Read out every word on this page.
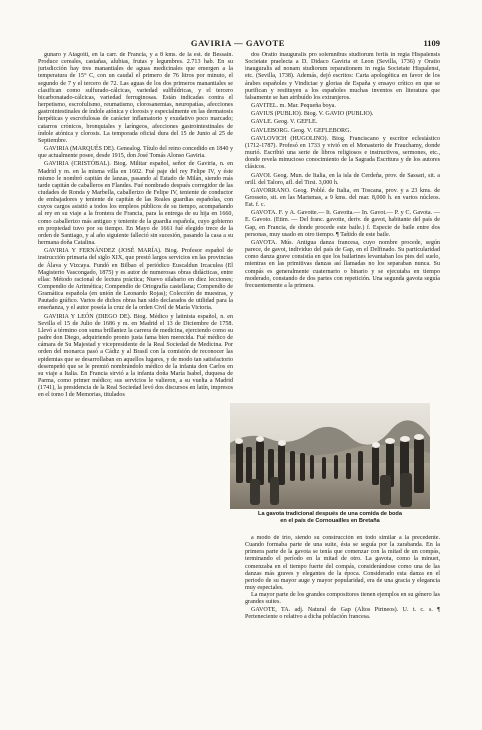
GAVIRIA — GAVOTE	1109

gunaro y Atagoiti, en la carr. de Francia, y a 8 kms. de la est. de Bessain. Produce cereales, castañas, alubias, frutas y legumbres. 2.713 hab. En su jurisdicción hay tres manantiales de aguas medicinales que emergen a la temperatura de 15° C, con un caudal el primero de 76 litros por minuto, el segundo de 7 y el tercero de 72. Las aguas de los dos primeros manantiales se clasifican como sulfurado-cálcicas, variedad sulfhídricas, y el tercero bicarbonatado-cálcicas, variedad ferruginosas. Están indicadas contra el herpetismo, escrofulismo, reumatismo, clorosanemias, neuropatías, afecciones gastrointestinales de índole atónica y clorosis y especialmente en las dermatosis herpéticas y escrofulosas de carácter inflamatorio y exudativo poco marcado; catarros crónicos, bronquiales y laríngeos, afecciones gastrointestinales de índole atónica y clorosis. La temporada oficial dura del 15 de Junio al 25 de Septiembre.

GAVIRIA (MARQUÉS DE). Genealog. Título del reino concedido en 1840 y que actualmente posee, desde 1915, don José Tomás Alonso Gaviria.

GAVIRIA (CRISTÓBAL). Biog. Militar español, señor de Gaviria, n. en Madrid y m. en la misma villa en 1602. Fué paje del rey Felipe IV, y éste mismo le nombró capitán de lanzas, pasando al Estado de Milán, siendo más tarde capitán de caballeros en Flandes. Fué nombrado después corregidor de las ciudades de Ronda y Marbella, caballerizo de Felipe IV, teniente de conductor de embajadores y teniente de capitán de las Reales guardias españolas, con cuyos cargos asistió a todos los empleos públicos de su tiempo, acompañando al rey en su viaje a la frontera de Francia, para la entrega de su hija en 1660, como caballerizo más antiguo y teniente de la guardia española, cuyo gobierno en propiedad tuvo por su tiempo. En Mayo de 1661 fué elegido trece de la orden de Santiago, y al año siguiente falleció sin sucesión, pasando la casa a su hermana doña Catalina.

GAVIRIA Y FERNÁNDEZ (JOSÉ MARÍA). Biog. Profesor español de instrucción primaria del siglo XIX, que prestó largos servicios en las provincias de Álava y Vizcaya. Fundó en Bilbao el periódico Euscaldun Ircaculea (El Magisterio Vascongado, 1875) y es autor de numerosas obras didácticas, entre ellas: Método racional de lectura práctica; Nuevo silabario en diez lecciones; Compendio de Aritmética; Compendio de Ortografía castellana; Compendio de Gramática española (en unión de Leonardo Rojas); Colección de muestras, y Pautado gráfico. Varios de dichos obras han sido declarados de utilidad para la enseñanza, y el autor poseía la cruz de la orden Civil de María Victoria.

GAVIRIA Y LEÓN (DIEGO DE). Biog. Médico y latinista español, n. en Sevilla el 15 de Julio de 1686 y m. en Madrid el 13 de Diciembre de 1758. Llevó a término con suma brillantez la carrera de medicina, ejerciendo como su padre don Diego, adquiriendo pronto justa fama bien merecida. Fué médico de cámara de Su Majestad y vicepresidente de la Real Sociedad de Medicina. Por orden del monarca pasó a Cádiz y al Brasil con la comisión de reconocer las epidemias que se desarrollaban en aquellos lugares, y de modo tan satisfactorio desempeñó que se le premió nombrándolo médico de la infanta don Carlos en su viaje a Italia. En Francia sirvió a la infanta doña María Isabel, duquesa de Parma, como primer médico; sus servicios le valieron, a su vuelta a Madrid (1741), la presidencia de la Real Sociedad levó dos discursos en latín, impresos en el tomo I de Memorias, titulados

dos Oratio inauguralis pro solemnibus studiorum feriis in regia Hispalensis Societate praelecta a D. Didaco Gaviria et Leon (Sevilla, 1736) y Oratio inauguralis ad nonam studiorum reparationem in regia Societate Hispalensi, etc. (Sevilla, 1738). Además, dejó escritos: Carta apologética en favor de los árabes españoles y Vindiciae y glorias de España y ensayo crítico en que se purifican y restituyen a los españoles muchas inventos en literatura que falsamente se han atribuído los extranjeros.

GAVITEL. m. Mar. Pequeña boya.

GAVIUS (PUBLIO). Biog. V. GAVIO (PUBLIO).

GAVLE. Geog. V. GEFLE.

GAVLEBORG. Geog. V. GEFLEBORG.

GAVLOVICH (HUGOLINO). Biog. Franciscano y escritor eclesiástico (1712-1787). Profesó en 1733 y vivió en el Monasterio de Frauchamy, donde murió. Escribió una serie de libros religiosos e instructivos, sermones, etc., donde revela minucioso conocimiento de la Sagrada Escritura y de los autores clásicos.

GAVOI. Geog. Mun. de Italia, en la isla de Cerdeña, prov. de Sassari, sit. a orill. del Taloro, afl. del Tirsi. 3,000 h.

GAVORRANO. Geog. Poblé. de Italia, en Toscana, prov. y a 23 kms. de Grosseto, sit. en las Marismas, a 9 kms. del mar. 8,000 h. en varios núcleos. Est. f. c.

GAVOTA. F. y A. Gavotte.— It. Gavotta.— In. Gavot.— P. y C. Gavota. — E. Gavoto. (Etim. — Del franc. gavotte, deriv. de gavot, habitante del país de Gap, en Francia, de donde procede este baile.) f. Especie de baile entre dos personas, muy usado en otro tiempo. ¶ Tañido de este baile.

GAVOTA. Mús. Antigua danza francesa, cuyo nombre procede, según parece, de gavot, individuo del país de Gap, en el Delfinado. Su particularidad como danza grave consistía en que los bailarines levantaban los pies del suelo, mientras en las primitivas danzas así llamadas no los separaban nunca. Su compás es generalmente cuaternario o binario y se ejecutaba en tiempo moderado, constando de dos partes con repetición. Una segunda gavota seguía frecuentemente a la primera.

La gavota tradicional después de una comida de boda
en el país de Cornouailles en Bretaña

a modo de trío, siendo su construcción en todo similar a la precedente. Cuando formaba parte de una suite, ésta se seguía por la zarabanda. En la primera parte de la gavota se tenía que comenzar con la mitad de un compás, terminando el período en la mitad de otro. La gavota, como la minuet, comenzaba en el tiempo fuerte del compás, considerándose como una de las danzas más graves y elegantes de la época. Considerado esta danza en el periodo de su mayor auge y mayor popularidad, era de una gracia y elegancia muy especiales.

La mayor parte de los grandes compositores tienen ejemplos en su género las grandes suites.

GAVOTE, TA. adj. Natural de Gap (Altos Pirineos). U. t. c. s. ¶ Perteneciente o relativo a dicha población francesa.
